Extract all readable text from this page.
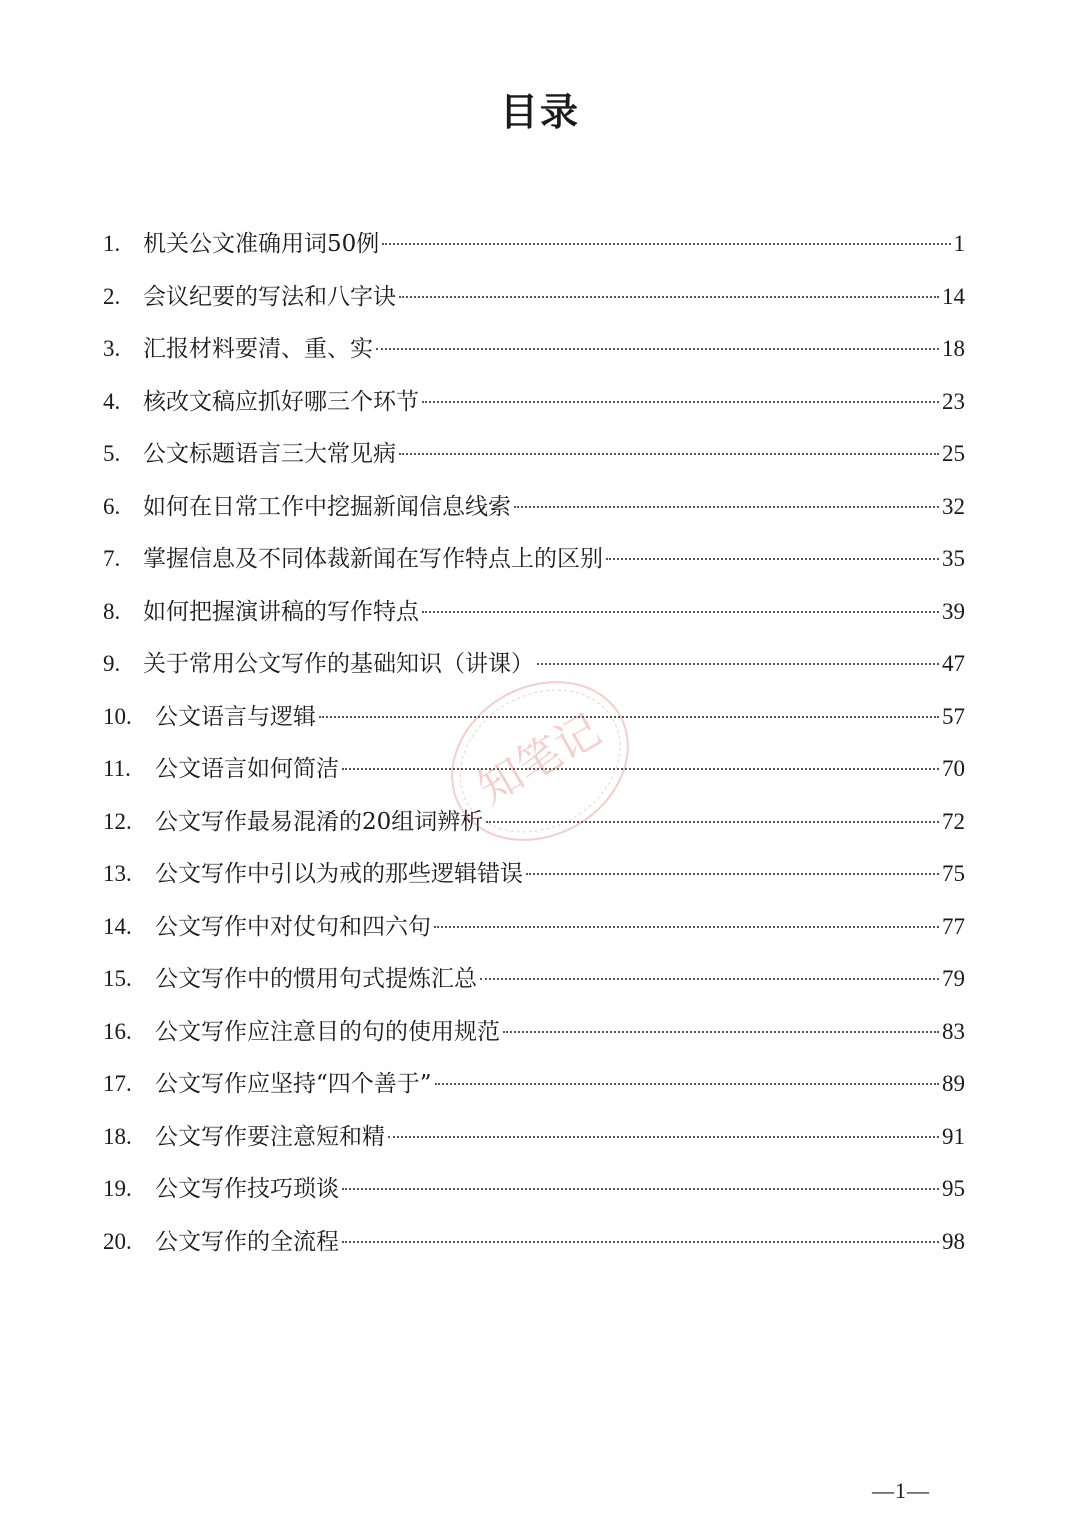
目录
1. 机关公文准确用词50例	1
2. 会议纪要的写法和八字诀	14
3. 汇报材料要清、重、实	18
4. 核改文稿应抓好哪三个环节	23
5. 公文标题语言三大常见病	25
6. 如何在日常工作中挖掘新闻信息线索	32
7. 掌握信息及不同体裁新闻在写作特点上的区别	35
8. 如何把握演讲稿的写作特点	39
9. 关于常用公文写作的基础知识（讲课）	47
10.	公文语言与逻辑	57
11.	公文语言如何简洁	70
12.	公文写作最易混淆的20组词辨析	72
13.	公文写作中引以为戒的那些逻辑错误	75
14.	公文写作中对仗句和四六句	77
15.	公文写作中的惯用句式提炼汇总	79
16.	公文写作应注意目的句的使用规范	83
17.	公文写作应坚持“四个善于”	89
18.	公文写作要注意短和精	91
19.	公文写作技巧琐谈	95
20.	公文写作的全流程	98
知笔记
—1—
